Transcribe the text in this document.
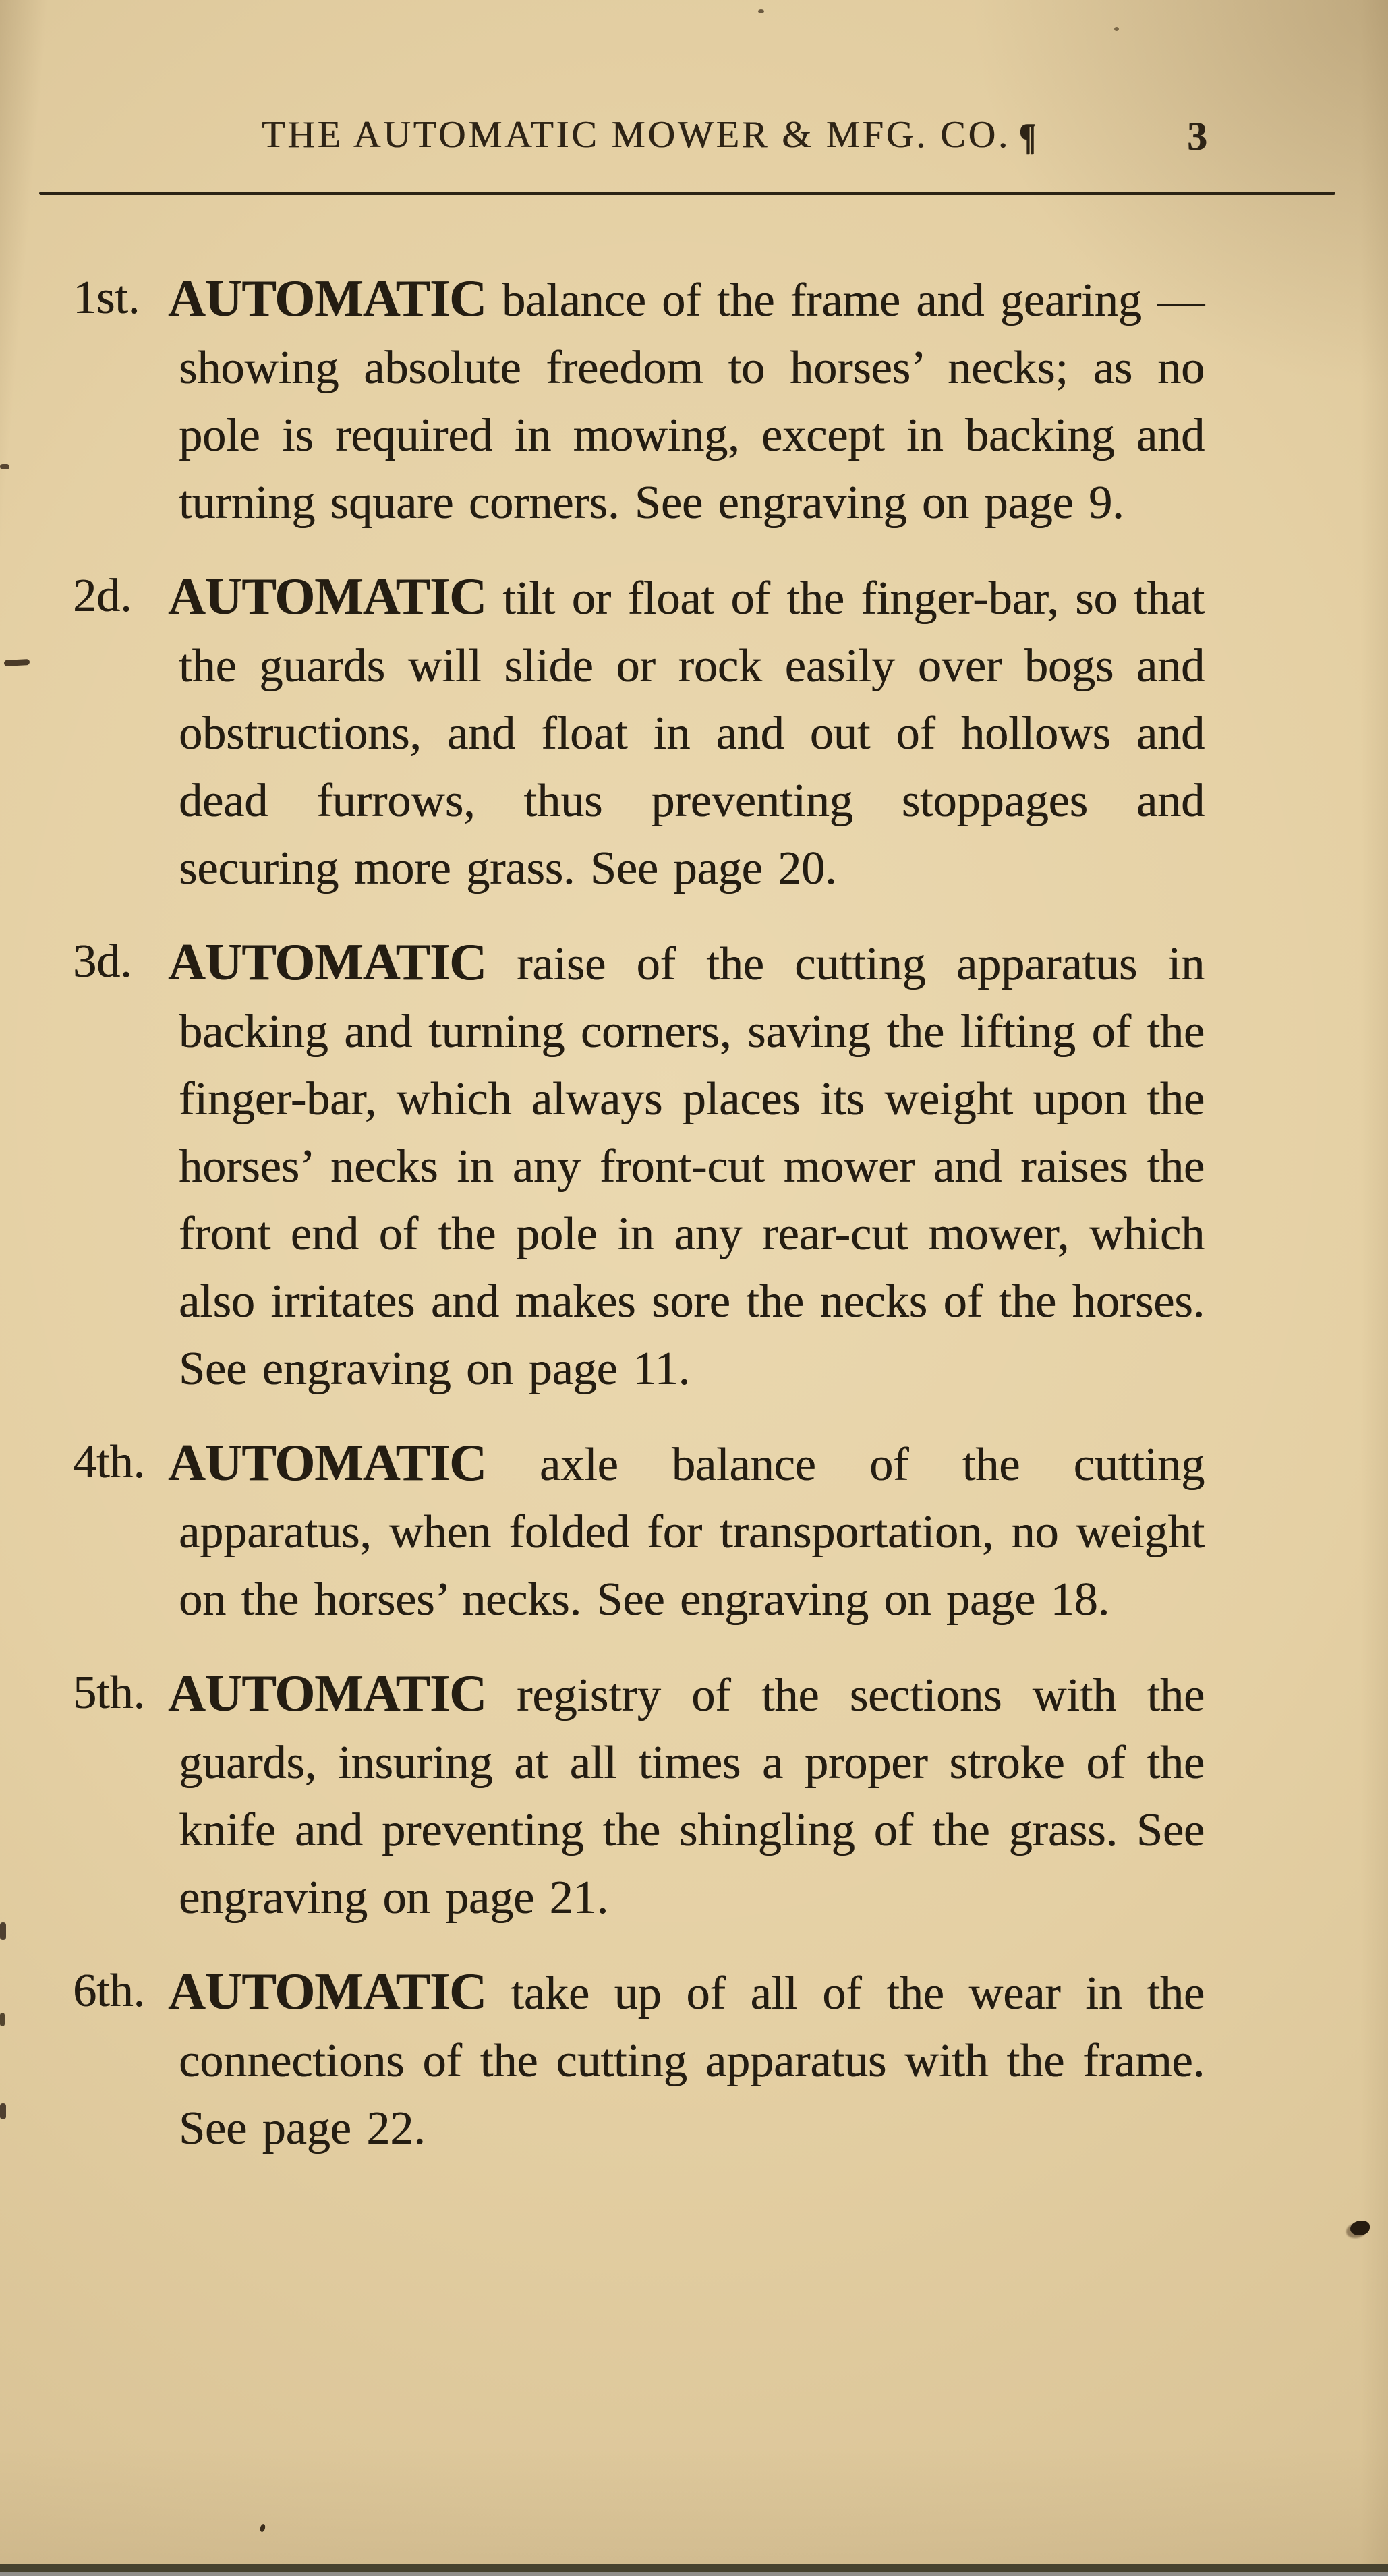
THE AUTOMATIC MOWER & MFG. CO. ¶	3
1st. AUTOMATIC balance of the frame and gearing — showing absolute freedom to horses’ necks; as no pole is required in mowing, except in backing and turning square corners. See engraving on page 9.
2d. AUTOMATIC tilt or float of the finger-bar, so that the guards will slide or rock easily over bogs and obstructions, and float in and out of hollows and dead furrows, thus preventing stoppages and securing more grass. See page 20.
3d. AUTOMATIC raise of the cutting apparatus in backing and turning corners, saving the lifting of the finger-bar, which always places its weight upon the horses’ necks in any front-cut mower and raises the front end of the pole in any rear-cut mower, which also irritates and makes sore the necks of the horses. See engraving on page 11.
4th. AUTOMATIC axle balance of the cutting apparatus, when folded for transportation, no weight on the horses’ necks. See engraving on page 18.
5th. AUTOMATIC registry of the sections with the guards, insuring at all times a proper stroke of the knife and preventing the shingling of the grass. See engraving on page 21.
6th. AUTOMATIC take up of all of the wear in the connections of the cutting apparatus with the frame. See page 22.
